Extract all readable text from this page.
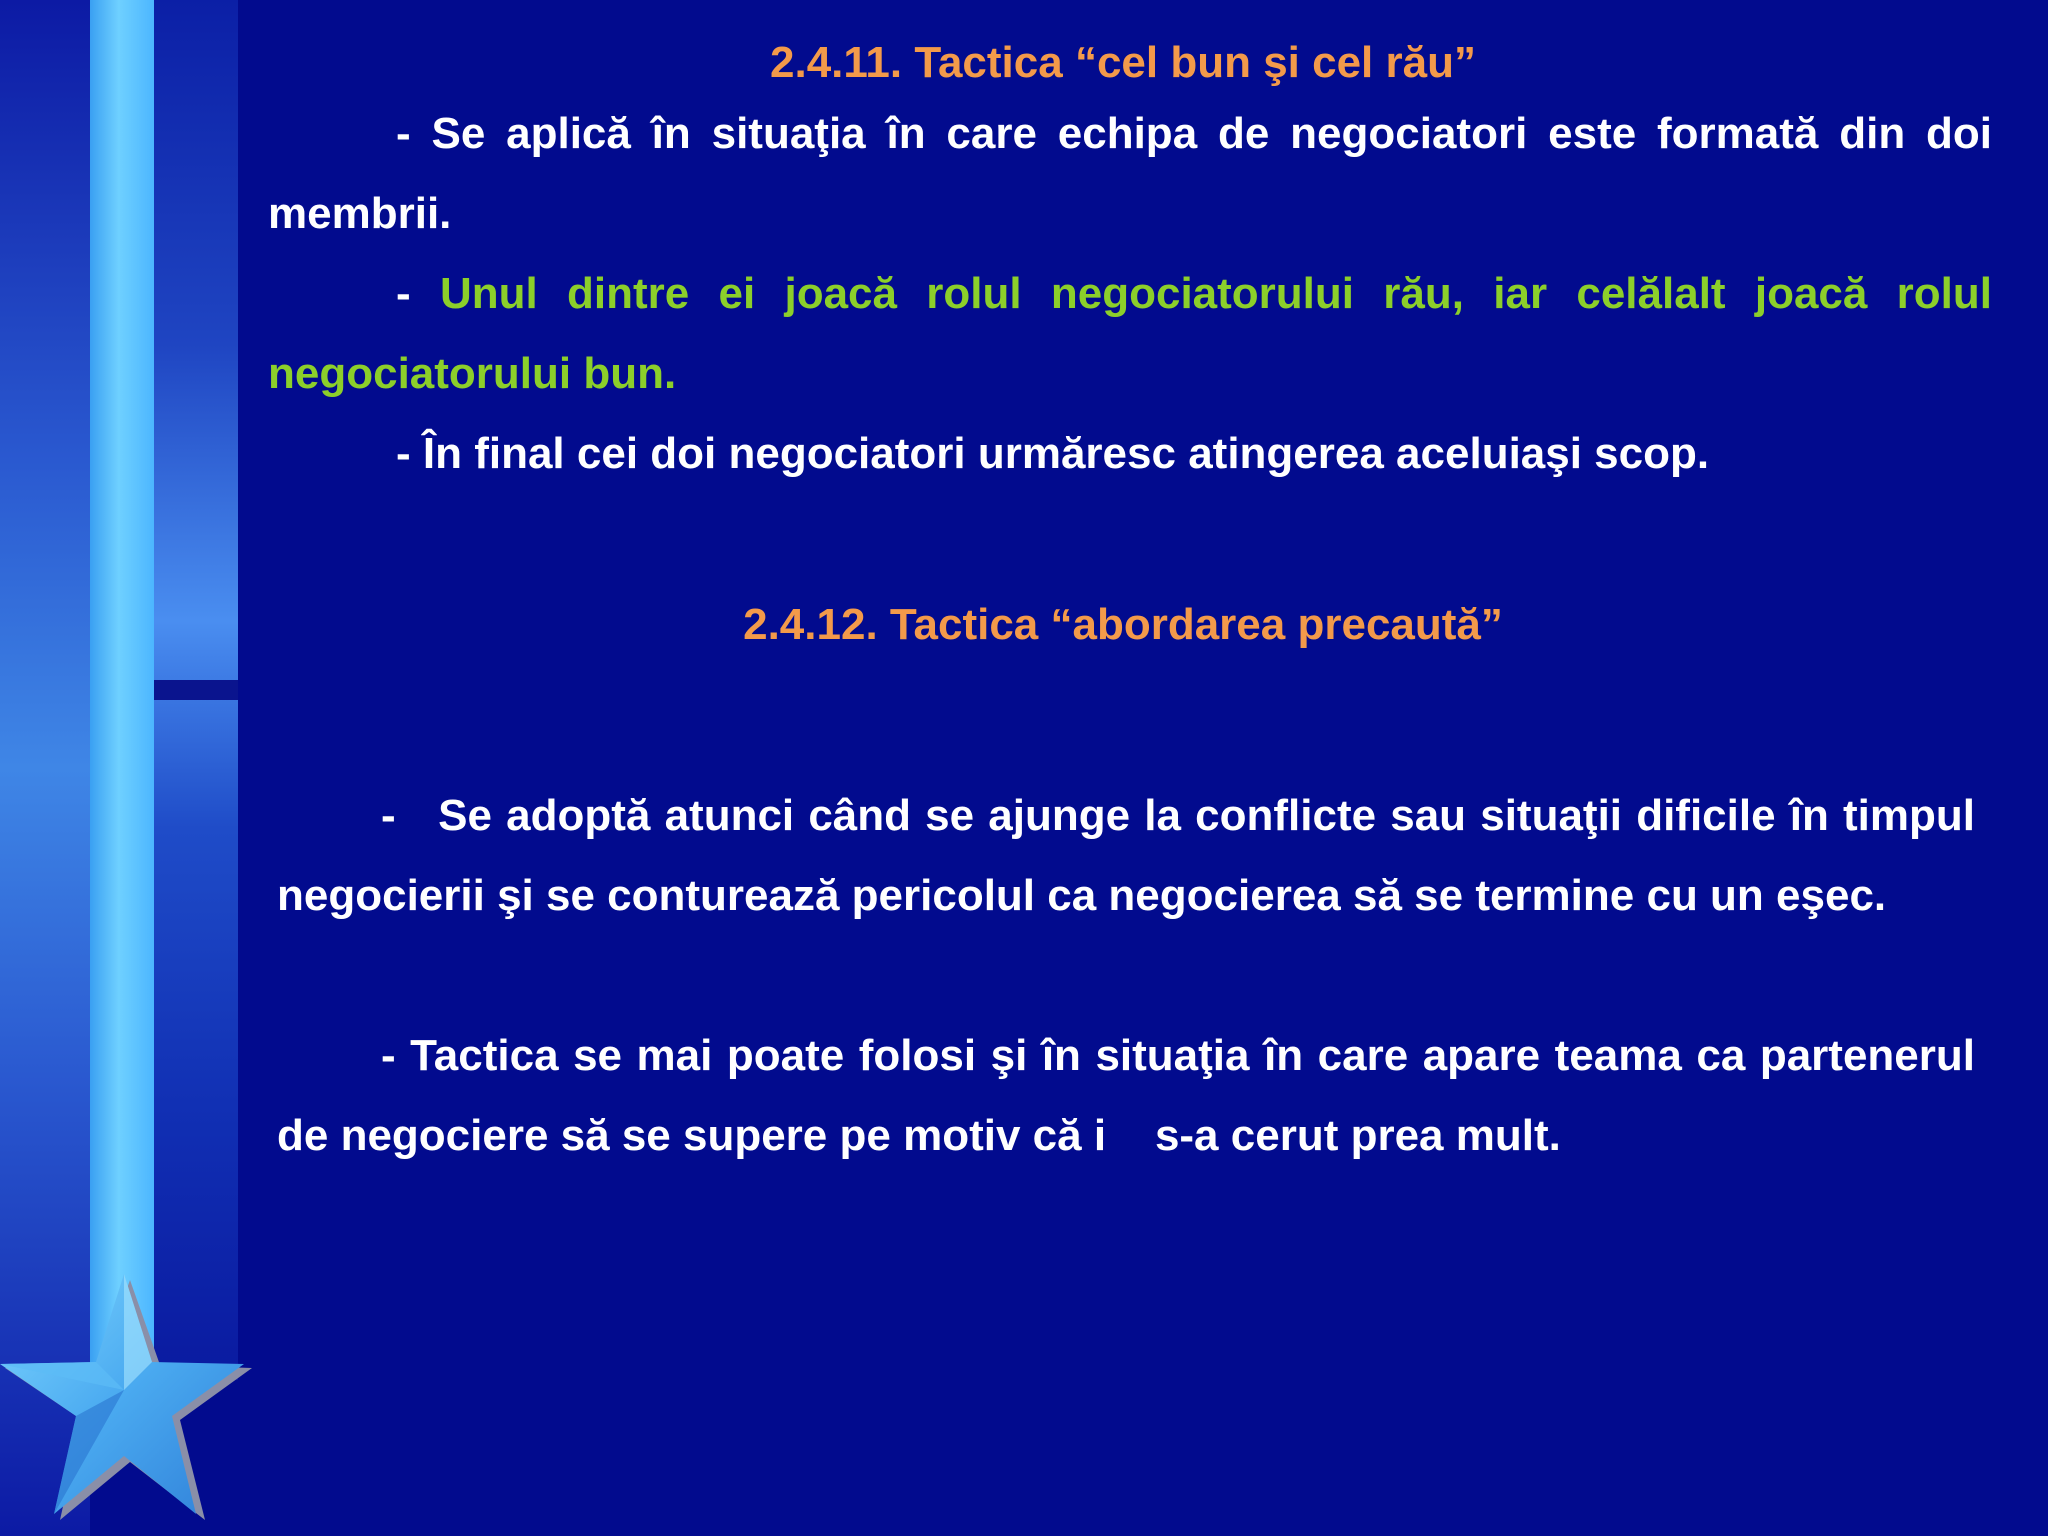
2.4.11. Tactica “cel bun şi cel rău”
- Se aplică în situaţia în care echipa de negociatori este formată din doi membrii.
- Unul dintre ei joacă rolul negociatorului rău, iar celălalt joacă rolul negociatorului bun.
- În final cei doi negociatori urmăresc atingerea aceluiaşi scop.
2.4.12. Tactica “abordarea precaută”
-   Se adoptă atunci când se ajunge la conflicte sau situaţii dificile în timpul negocierii şi se conturează pericolul ca negocierea să se termine cu un eşec.
- Tactica se mai poate folosi şi în situaţia în care apare teama ca partenerul de negociere să se supere pe motiv că i    s-a cerut prea mult.
